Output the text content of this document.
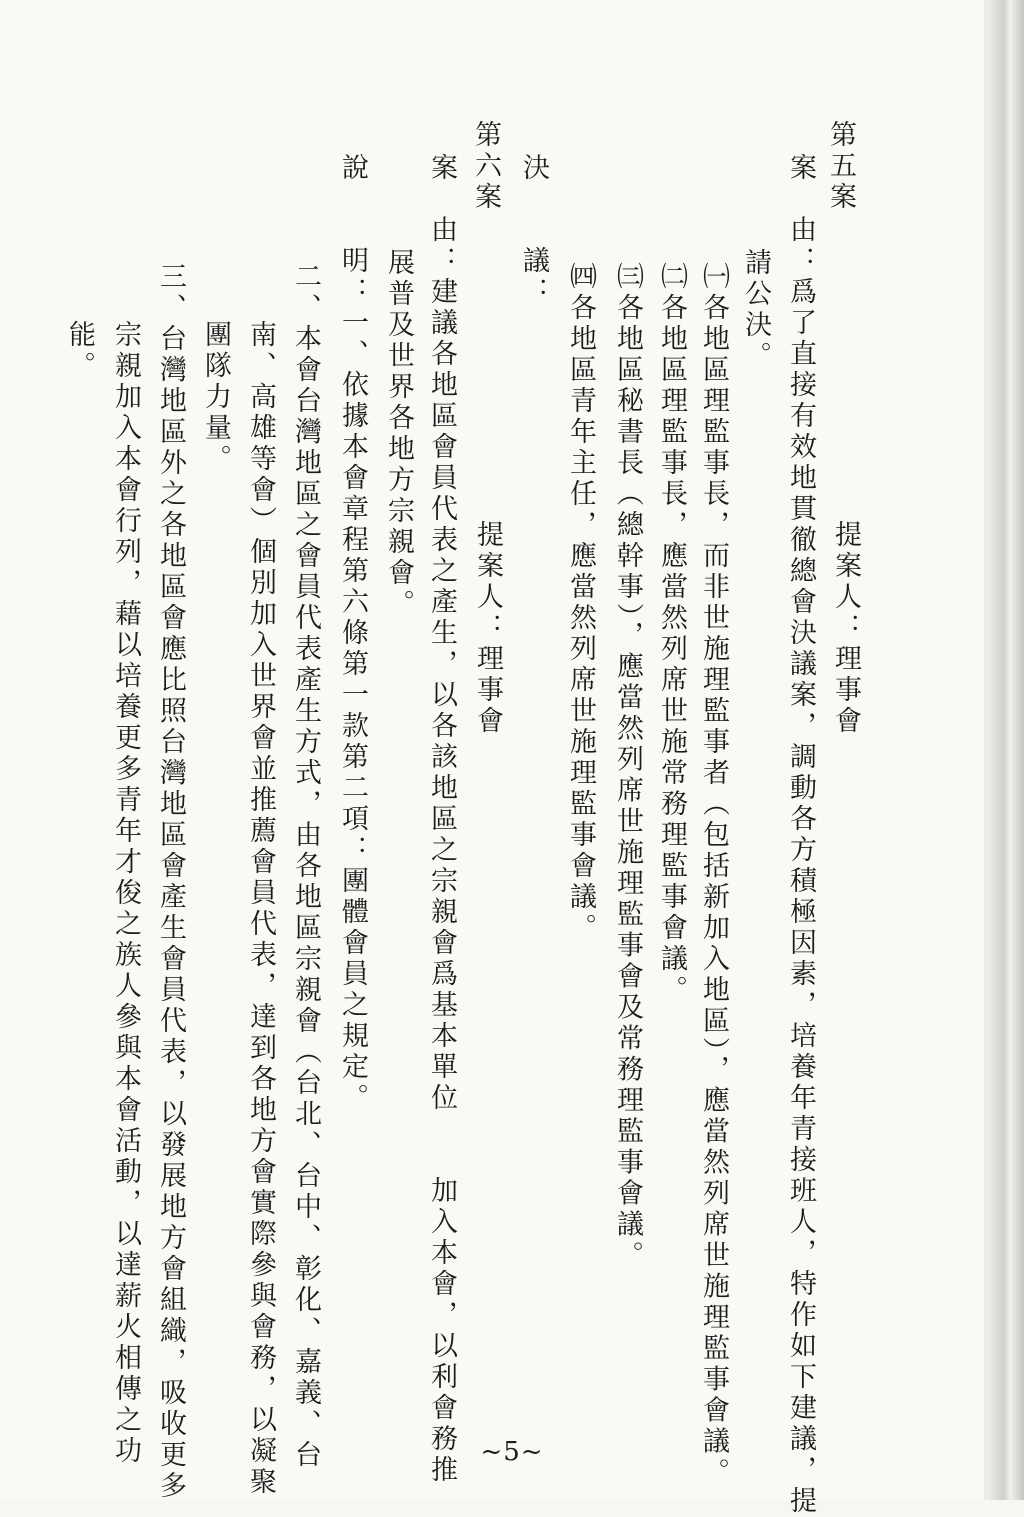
第五案
提案人：理事會
案　由：爲了直接有效地貫徹總會決議案，調動各方積極因素，培養年青接班人，特作如下建議，提
請公決。
㈠各地區理監事長，而非世施理監事者（包括新加入地區），應當然列席世施理監事會議。
㈡各地區理監事長，應當然列席世施常務理監事會議。
㈢各地區秘書長（總幹事），應當然列席世施理監事會及常務理監事會議。
㈣各地區青年主任，應當然列席世施理監事會議。
決　　議：
第六案
提案人：理事會
案　由：建議各地區會員代表之產生，以各該地區之宗親會爲基本單位　　加入本會，以利會務推
展普及世界各地方宗親會。
說　　明：一、依據本會章程第六條第一款第二項：團體會員之規定。
二、本會台灣地區之會員代表產生方式，由各地區宗親會（台北、台中、彰化、嘉義、台
南、高雄等會）個別加入世界會並推薦會員代表，達到各地方會實際參與會務，以凝聚
團隊力量。
三、台灣地區外之各地區會應比照台灣地區會產生會員代表，以發展地方會組織，吸收更多
宗親加入本會行列，藉以培養更多青年才俊之族人參與本會活動，以達薪火相傳之功
能。
~5~
